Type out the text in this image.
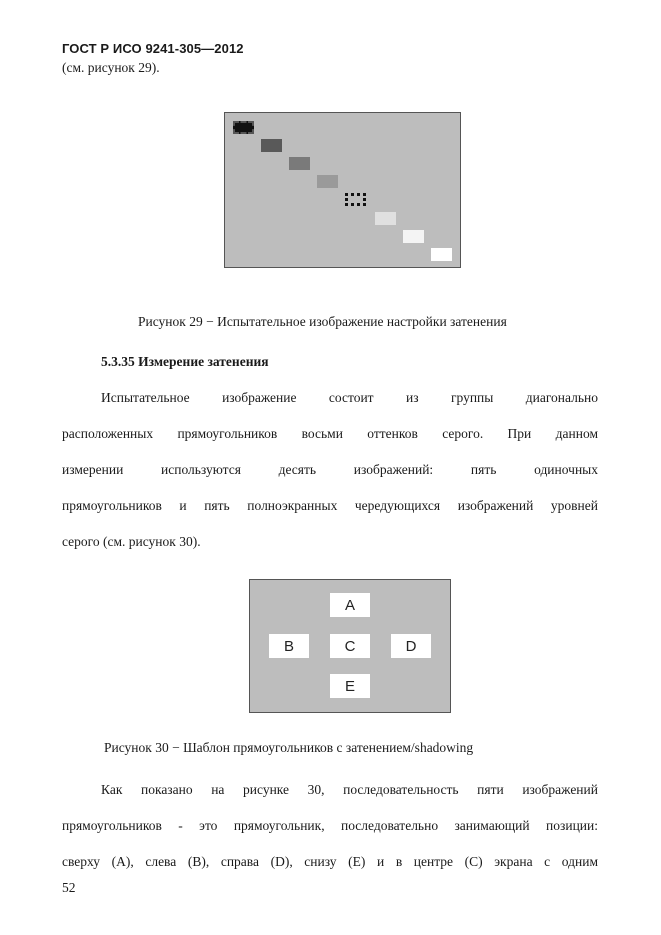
ГОСТ Р ИСО 9241-305—2012
(см. рисунок 29).
Рисунок 29 − Испытательное изображение настройки затенения
5.3.35 Измерение затенения
Испытательное изображение состоит из группы диагонально
расположенных прямоугольников восьми оттенков серого. При данном
измерении используются десять изображений: пять одиночных
прямоугольников и пять полноэкранных чередующихся изображений уровней
серого (см. рисунок 30).
A
B	C	D
E
Рисунок 30 − Шаблон прямоугольников с затенением/shadowing
Как показано на рисунке 30, последовательность пяти изображений
прямоугольников - это прямоугольник, последовательно занимающий позиции:
сверху (A), слева (B), справа (D), снизу (E) и в центре (C) экрана с одним
52
